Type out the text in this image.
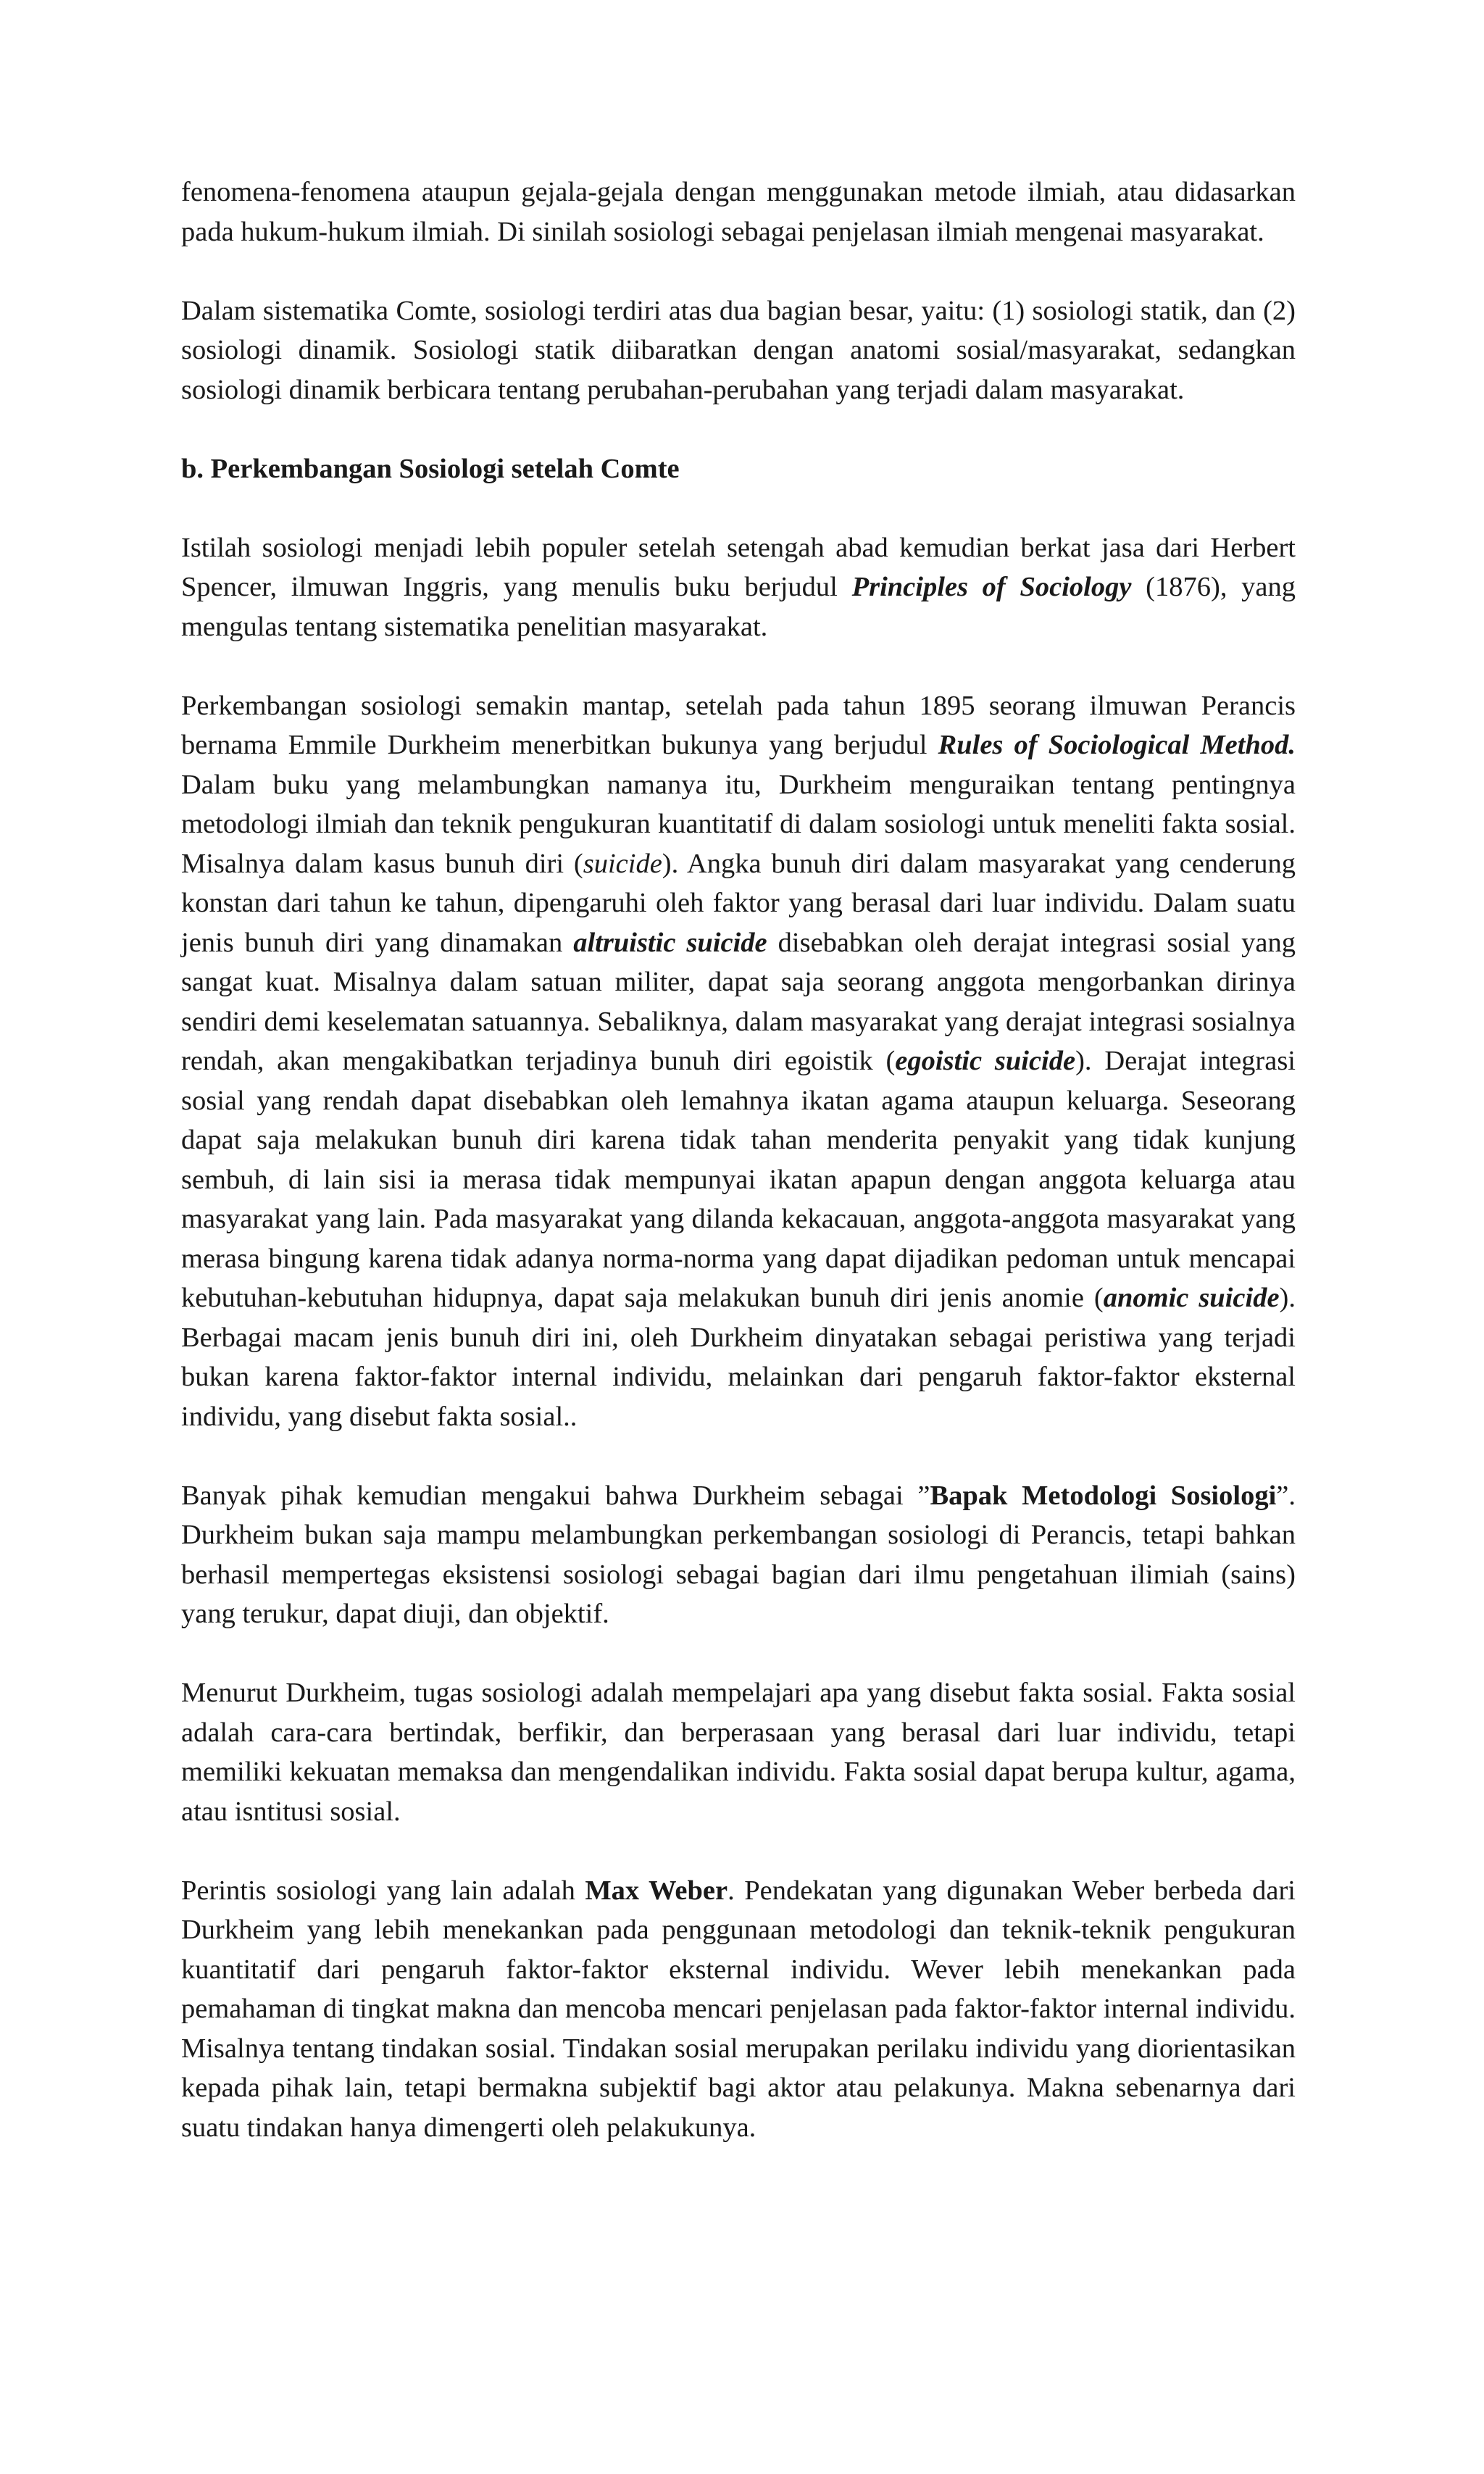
fenomena-fenomena ataupun gejala-gejala dengan menggunakan metode ilmiah, atau didasarkan pada hukum-hukum ilmiah. Di sinilah sosiologi sebagai penjelasan ilmiah mengenai masyarakat.

Dalam sistematika Comte, sosiologi terdiri atas dua bagian besar, yaitu: (1) sosiologi statik, dan (2) sosiologi dinamik. Sosiologi statik diibaratkan dengan anatomi sosial/masyarakat, sedangkan sosiologi dinamik berbicara tentang perubahan-perubahan yang terjadi dalam masyarakat.

b. Perkembangan Sosiologi setelah Comte

Istilah sosiologi menjadi lebih populer setelah setengah abad kemudian berkat jasa dari Herbert Spencer, ilmuwan Inggris, yang menulis buku berjudul Principles of Sociology (1876), yang mengulas tentang sistematika penelitian masyarakat.

Perkembangan sosiologi semakin mantap, setelah pada tahun 1895 seorang ilmuwan Perancis bernama Emmile Durkheim menerbitkan bukunya yang berjudul Rules of Sociological Method. Dalam buku yang melambungkan namanya itu, Durkheim menguraikan tentang pentingnya metodologi ilmiah dan teknik pengukuran kuantitatif di dalam sosiologi untuk meneliti fakta sosial. Misalnya dalam kasus bunuh diri (suicide). Angka bunuh diri dalam masyarakat yang cenderung konstan dari tahun ke tahun, dipengaruhi oleh faktor yang berasal dari luar individu. Dalam suatu jenis bunuh diri yang dinamakan altruistic suicide disebabkan oleh derajat integrasi sosial yang sangat kuat. Misalnya dalam satuan militer, dapat saja seorang anggota mengorbankan dirinya sendiri demi keselematan satuannya. Sebaliknya, dalam masyarakat yang derajat integrasi sosialnya rendah, akan mengakibatkan terjadinya bunuh diri egoistik (egoistic suicide). Derajat integrasi sosial yang rendah dapat disebabkan oleh lemahnya ikatan agama ataupun keluarga. Seseorang dapat saja melakukan bunuh diri karena tidak tahan menderita penyakit yang tidak kunjung sembuh, di lain sisi ia merasa tidak mempunyai ikatan apapun dengan anggota keluarga atau masyarakat yang lain. Pada masyarakat yang dilanda kekacauan, anggota-anggota masyarakat yang merasa bingung karena tidak adanya norma-norma yang dapat dijadikan pedoman untuk mencapai kebutuhan-kebutuhan hidupnya, dapat saja melakukan bunuh diri jenis anomie (anomic suicide). Berbagai macam jenis bunuh diri ini, oleh Durkheim dinyatakan sebagai peristiwa yang terjadi bukan karena faktor-faktor internal individu, melainkan dari pengaruh faktor-faktor eksternal individu, yang disebut fakta sosial..

Banyak pihak kemudian mengakui bahwa Durkheim sebagai ”Bapak Metodologi Sosiologi”. Durkheim bukan saja mampu melambungkan perkembangan sosiologi di Perancis, tetapi bahkan berhasil mempertegas eksistensi sosiologi sebagai bagian dari ilmu pengetahuan ilimiah (sains) yang terukur, dapat diuji, dan objektif.

Menurut Durkheim, tugas sosiologi adalah mempelajari apa yang disebut fakta sosial. Fakta sosial adalah cara-cara bertindak, berfikir, dan berperasaan yang berasal dari luar individu, tetapi memiliki kekuatan memaksa dan mengendalikan individu. Fakta sosial dapat berupa kultur, agama, atau isntitusi sosial.

Perintis sosiologi yang lain adalah Max Weber. Pendekatan yang digunakan Weber berbeda dari Durkheim yang lebih menekankan pada penggunaan metodologi dan teknik-teknik pengukuran kuantitatif dari pengaruh faktor-faktor eksternal individu. Wever lebih menekankan pada pemahaman di tingkat makna dan mencoba mencari penjelasan pada faktor-faktor internal individu. Misalnya tentang tindakan sosial. Tindakan sosial merupakan perilaku individu yang diorientasikan kepada pihak lain, tetapi bermakna subjektif bagi aktor atau pelakunya. Makna sebenarnya dari suatu tindakan hanya dimengerti oleh pelakukunya.
